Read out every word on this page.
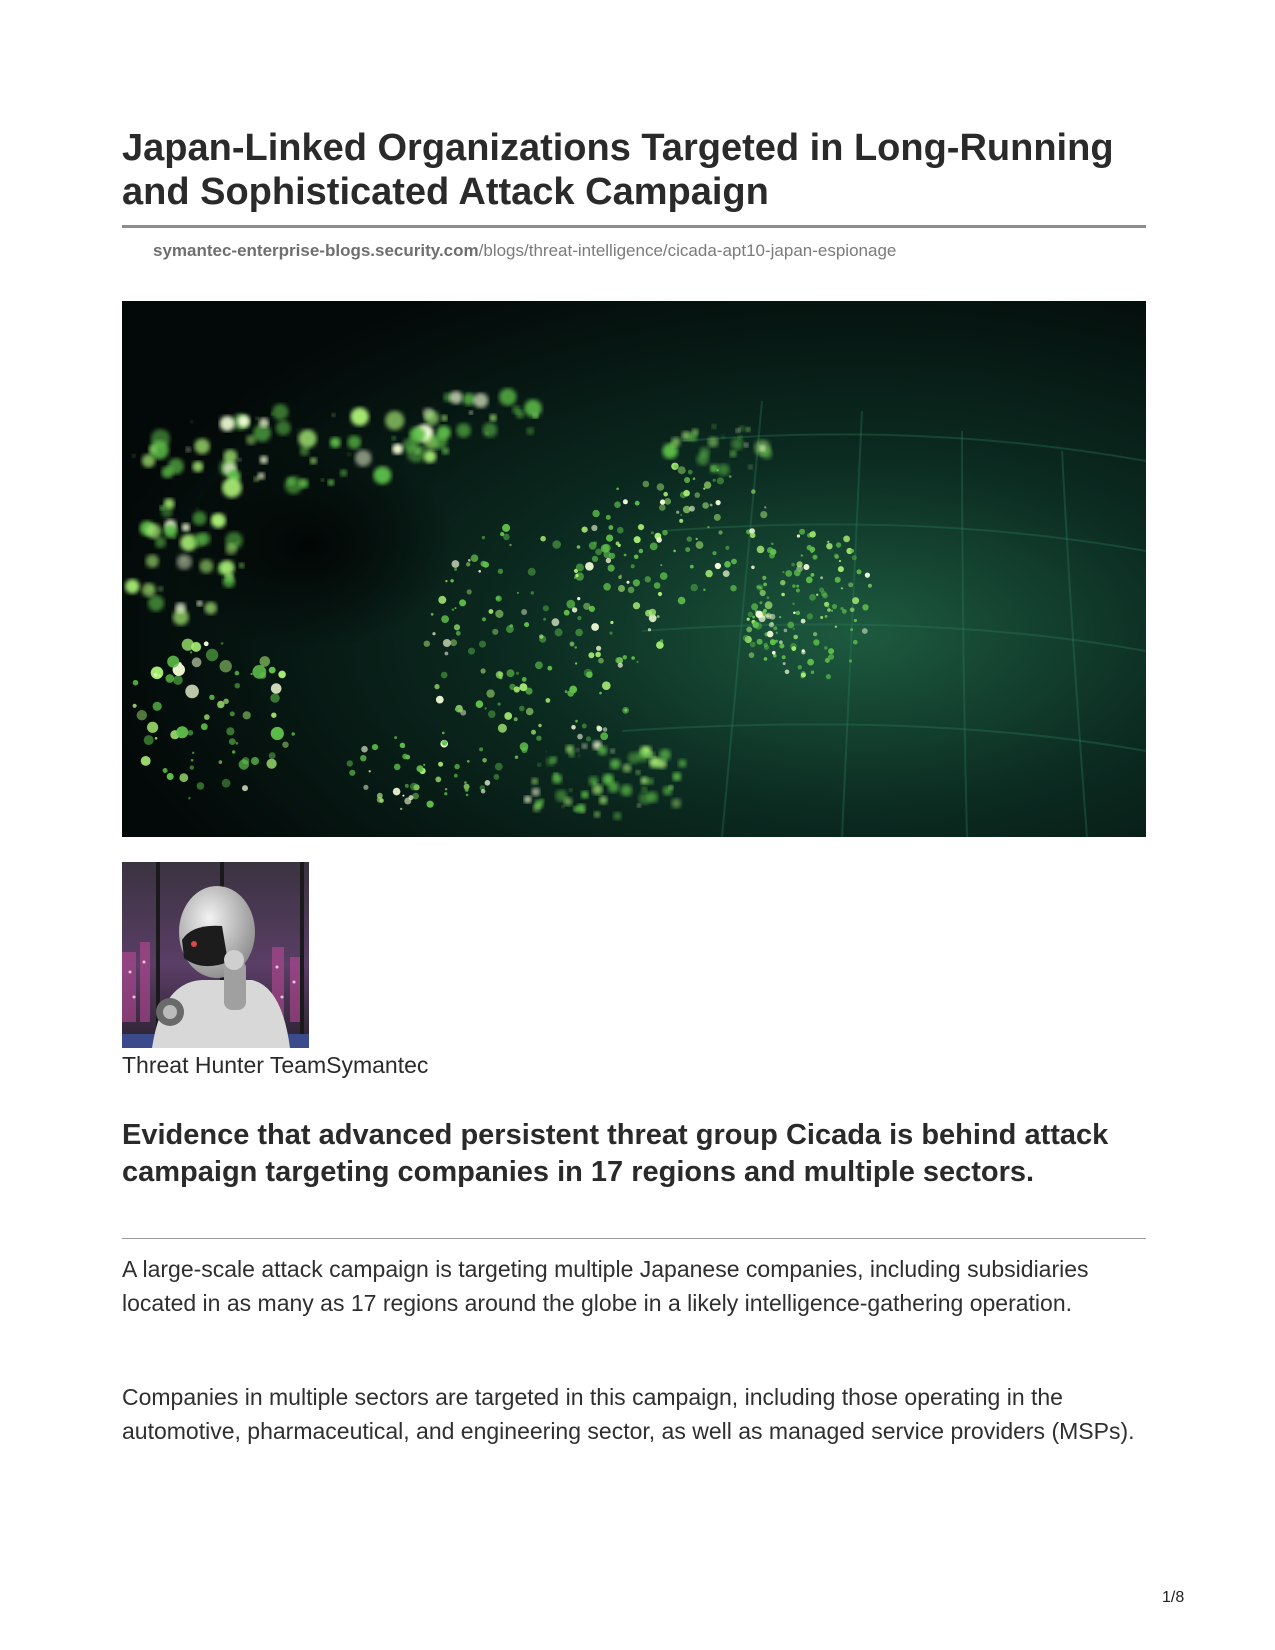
Japan-Linked Organizations Targeted in Long-Running and Sophisticated Attack Campaign
symantec-enterprise-blogs.security.com/blogs/threat-intelligence/cicada-apt10-japan-espionage
Threat Hunter TeamSymantec
Evidence that advanced persistent threat group Cicada is behind attack campaign targeting companies in 17 regions and multiple sectors.

A large-scale attack campaign is targeting multiple Japanese companies, including subsidiaries located in as many as 17 regions around the globe in a likely intelligence-gathering operation.

Companies in multiple sectors are targeted in this campaign, including those operating in the automotive, pharmaceutical, and engineering sector, as well as managed service providers (MSPs).

1/8
